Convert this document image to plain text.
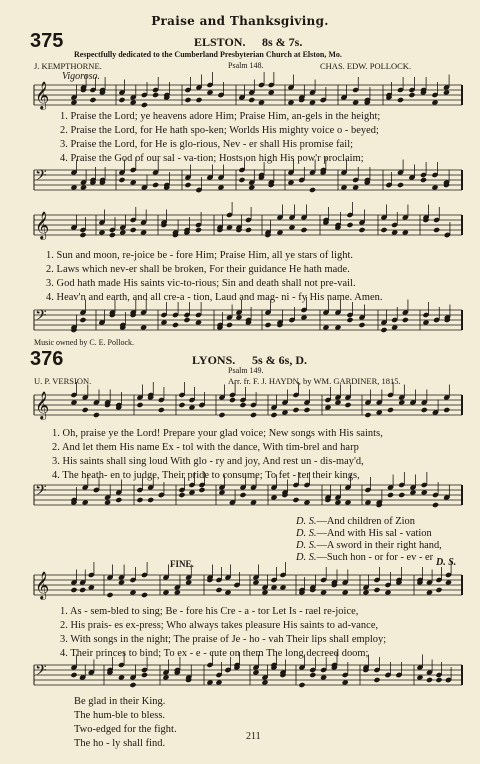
𝄞
𝄢
𝄞
𝄢
𝄞
𝄢
𝄞
𝄢
Praise and Thanksgiving.
375	ELSTON. 8s & 7s.
Respectfully dedicated to the Cumberland Presbyterian Church at Elston, Mo.
J. KEMPTHORNE.	Psalm 148.	CHAS. EDW. POLLOCK.
Vigoroso.
1. Praise the Lord; ye heavens adore Him; Praise Him, an-gels in the height;
2. Praise the Lord, for He hath spo-ken; Worlds His mighty voice o - beyed;
3. Praise the Lord, for He is glo-rious, Nev - er shall His promise fail;
4. Praise the God of our sal - va-tion; Hosts on high His pow'r proclaim;
1. Sun and moon, re-joice be - fore Him; Praise Him, all ye stars of light.
2. Laws which nev-er shall be broken, For their guidance He hath made.
3. God hath made His saints vic-to-rious; Sin and death shall not pre-vail.
4. Heav'n and earth, and all cre-a - tion, Laud and mag- ni - fy His name. Amen.
Music owned by C. E. Pollock.
376	LYONS. 5s & 6s, D.
Psalm 149.
U. P. VERSION.	Arr. fr. F. J. HAYDN, by WM. GARDINER, 1815.
1. Oh, praise ye the Lord! Prepare your glad voice; New songs with His saints,
2. And let them His name Ex - tol with the dance, With tim-brel and harp
3. His saints shall sing loud With glo - ry and joy, And rest un - dis-may'd,
4. The heath- en to judge, Their pride to consume; To fet - ter their kings,
D. S.—And children of Zion
D. S.—And with His sal - vation
D. S.—A sword in their right hand,
D. S.—Such hon - or for - ev - er
FINE.	D. S.
1. As - sem-bled to sing; Be - fore his Cre - a - tor Let Is - rael re-joice,
2. His prais- es ex-press; Who always takes pleasure His saints to ad-vance,
3. With songs in the night; The praise of Je - ho - vah Their lips shall employ;
4. Their princes to bind; To ex - e - cute on them The long decreed doom;
Be glad in their King.
The hum-ble to bless.
Two-edged for the fight.
The ho - ly shall find.
211
